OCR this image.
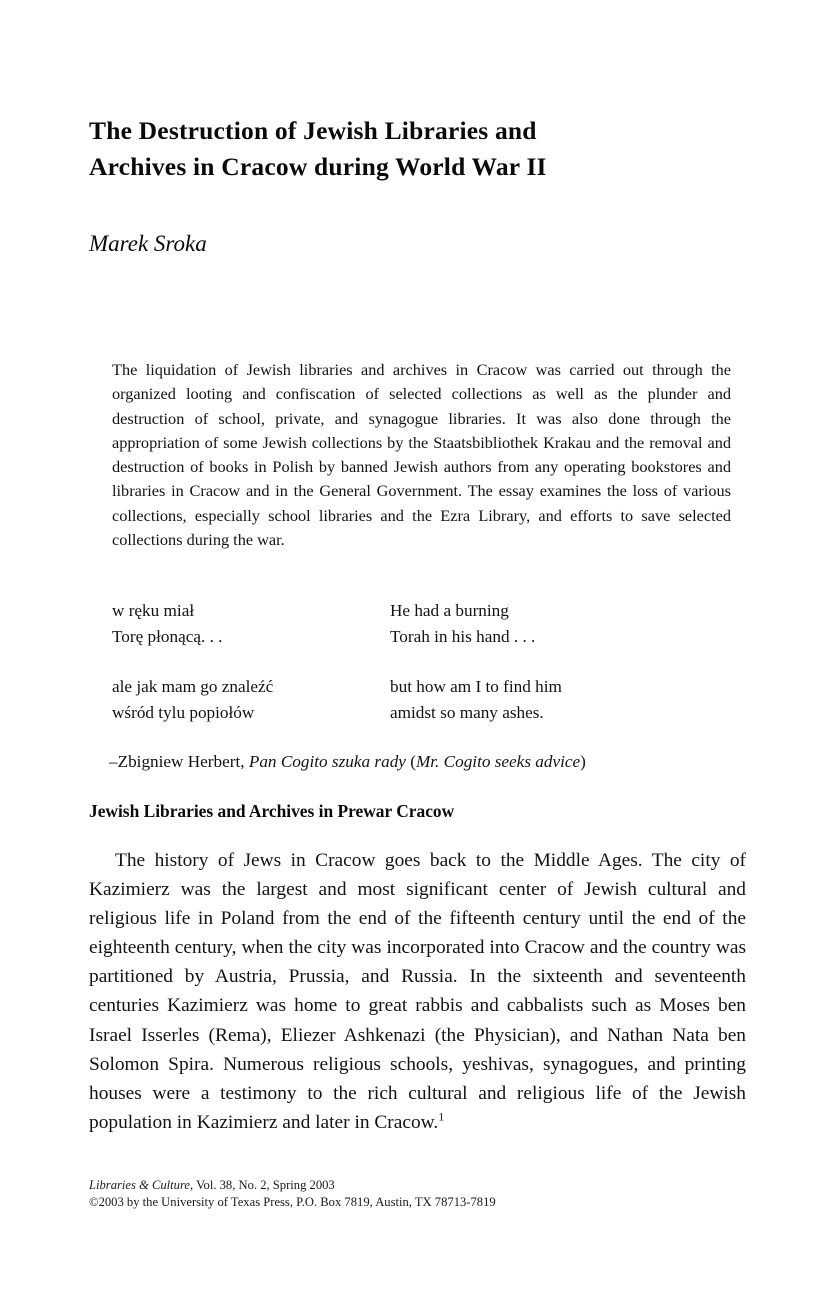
The Destruction of Jewish Libraries and
Archives in Cracow during World War II
Marek Sroka

The liquidation of Jewish libraries and archives in Cracow was carried out through the organized looting and confiscation of selected collections as well as the plunder and destruction of school, private, and synagogue libraries. It was also done through the appropriation of some Jewish collections by the Staatsbibliothek Krakau and the removal and destruction of books in Polish by banned Jewish authors from any operating bookstores and libraries in Cracow and in the General Government. The essay examines the loss of various collections, especially school libraries and the Ezra Library, and efforts to save selected collections during the war.

w ręku miał	He had a burning
Torę płonącą. . .	Torah in his hand . . .
ale jak mam go znaleźć	but how am I to find him
wśród tylu popiołów	amidst so many ashes.
–Zbigniew Herbert, Pan Cogito szuka rady (Mr. Cogito seeks advice)
Jewish Libraries and Archives in Prewar Cracow

The history of Jews in Cracow goes back to the Middle Ages. The city of Kazimierz was the largest and most significant center of Jewish cultural and religious life in Poland from the end of the fifteenth century until the end of the eighteenth century, when the city was incorporated into Cracow and the country was partitioned by Austria, Prussia, and Russia. In the sixteenth and seventeenth centuries Kazimierz was home to great rabbis and cabbalists such as Moses ben Israel Isserles (Rema), Eliezer Ashkenazi (the Physician), and Nathan Nata ben Solomon Spira. Numerous religious schools, yeshivas, synagogues, and printing houses were a testimony to the rich cultural and religious life of the Jewish population in Kazimierz and later in Cracow.$^1$

Libraries & Culture, Vol. 38, No. 2, Spring 2003
©2003 by the University of Texas Press, P.O. Box 7819, Austin, TX 78713-7819
